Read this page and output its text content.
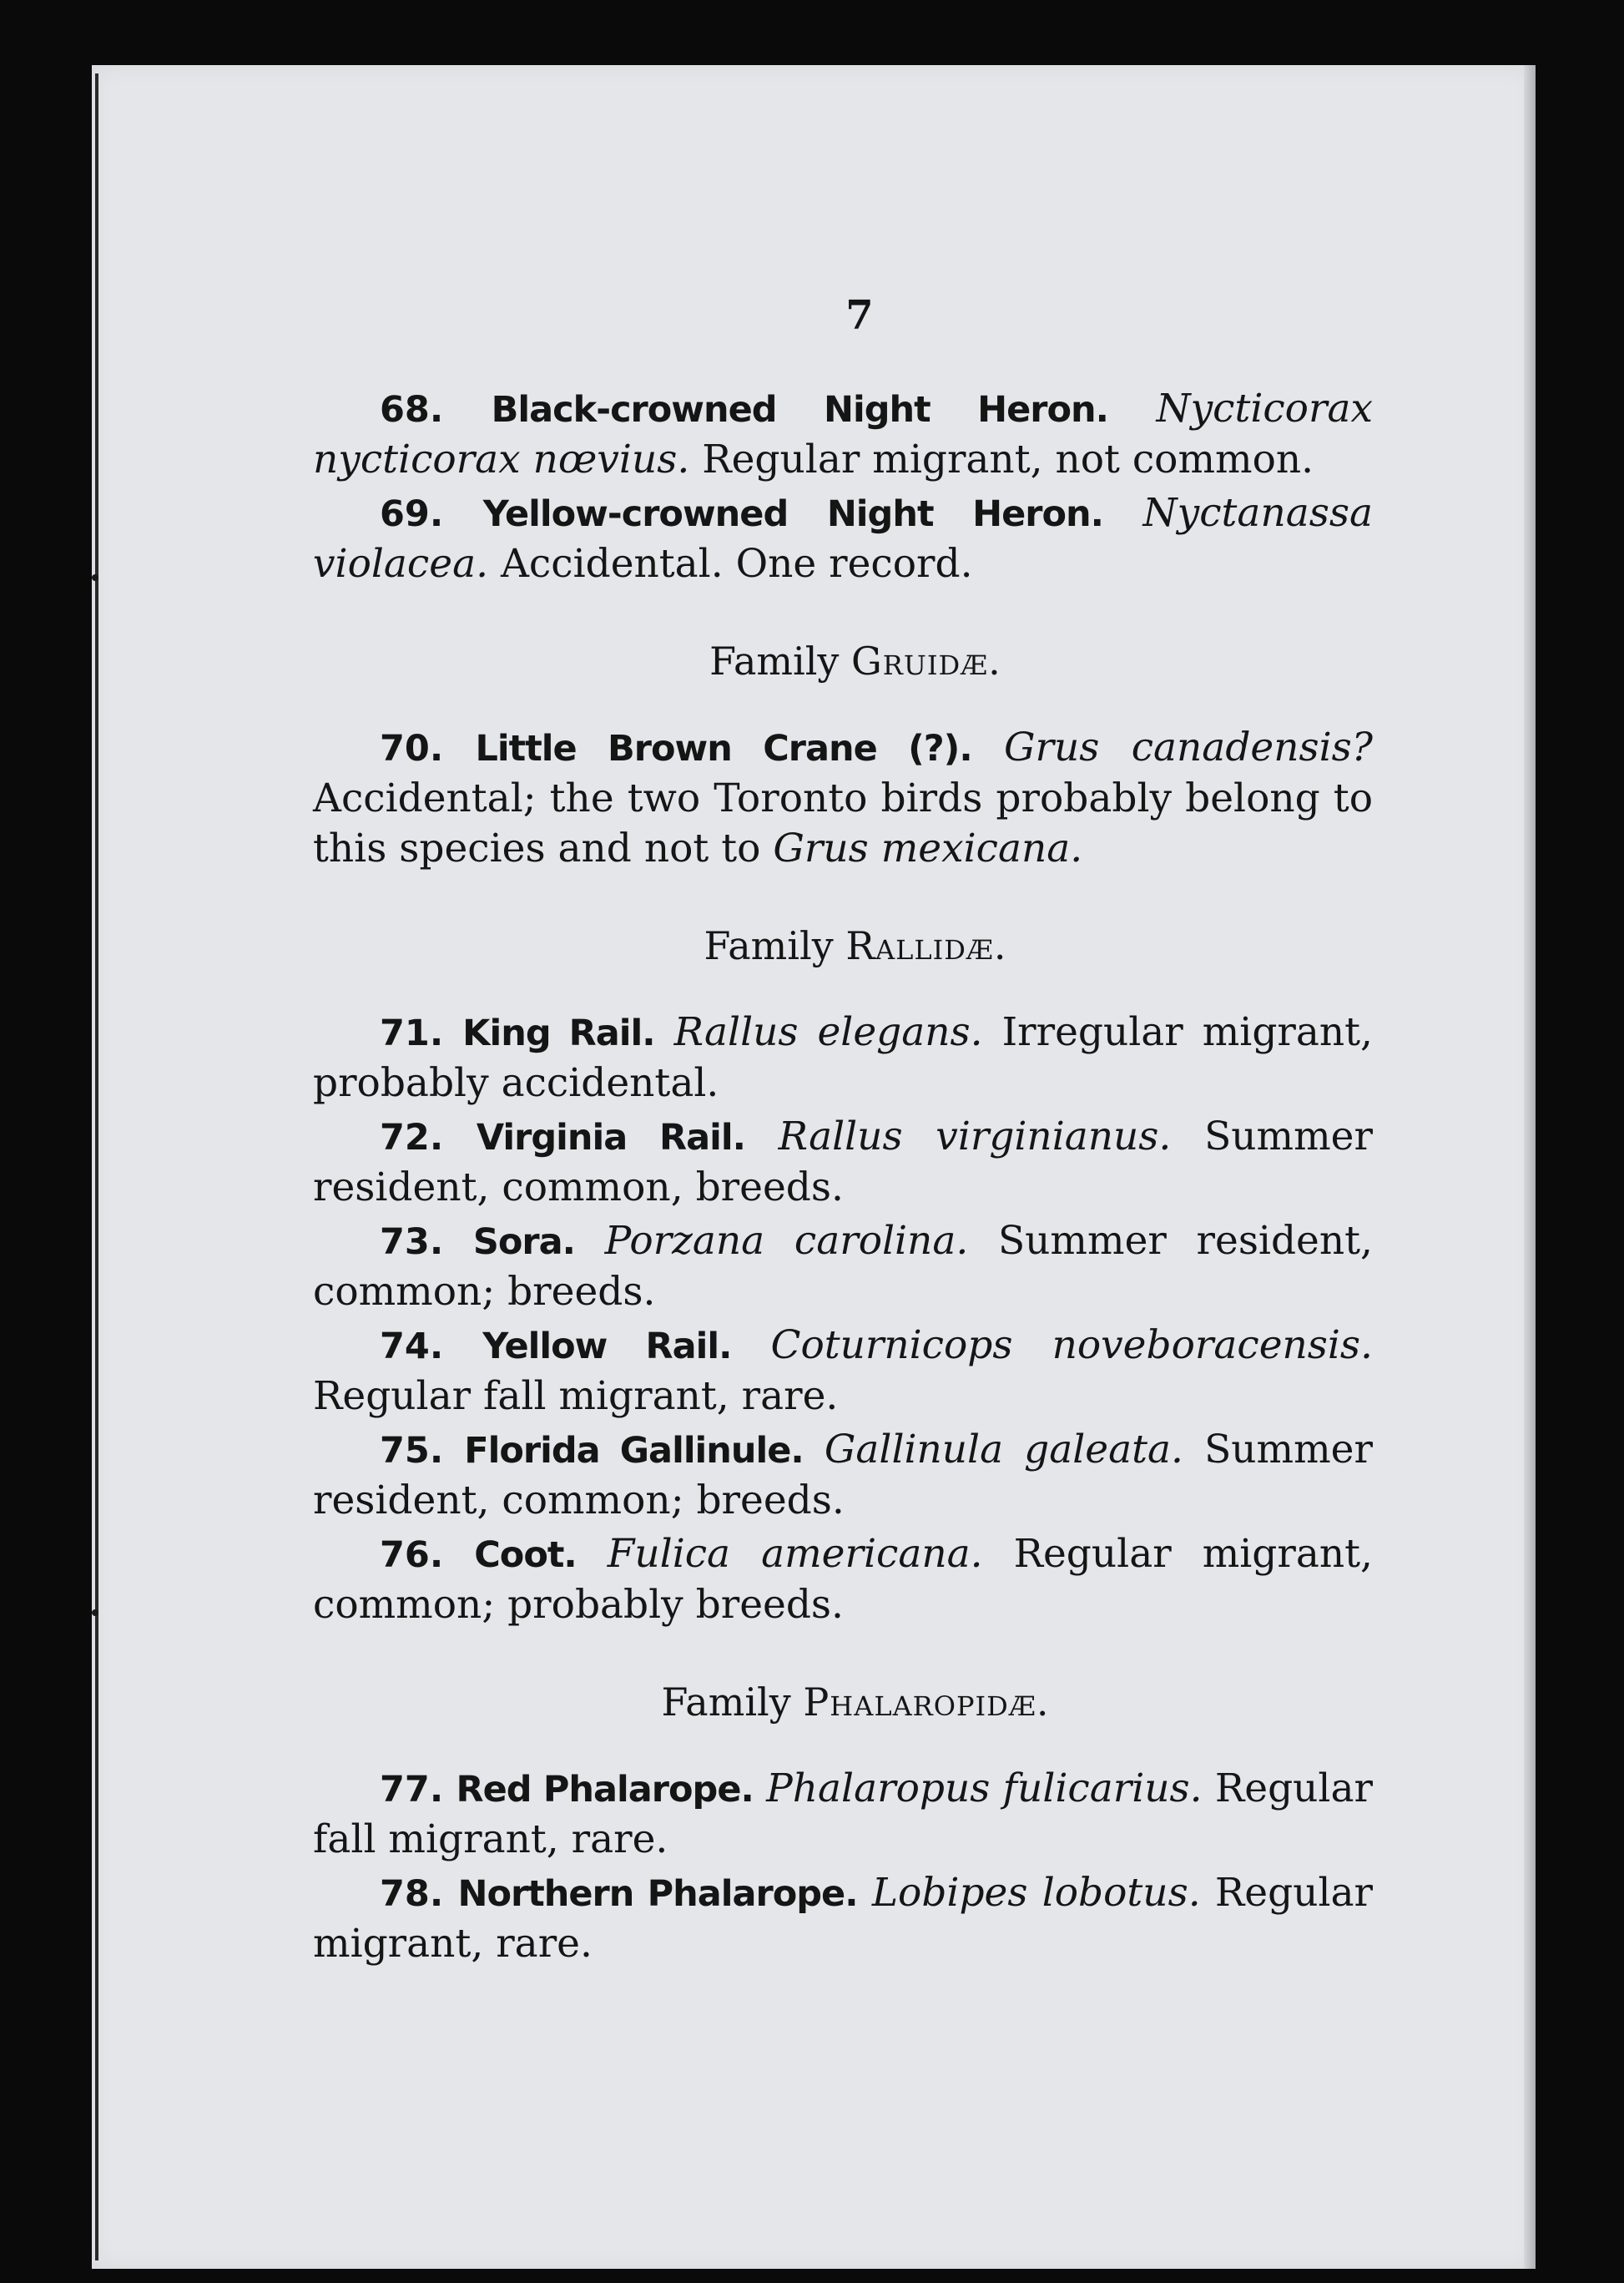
7
68. Black-crowned Night Heron. Nycticorax nycticorax nœvius. Regular migrant, not common.
69. Yellow-crowned Night Heron. Nyctanassa violacea. Accidental. One record.
Family Gruidæ.
70. Little Brown Crane (?). Grus canadensis? Accidental; the two Toronto birds probably belong to this species and not to Grus mexicana.
Family Rallidæ.
71. King Rail. Rallus elegans. Irregular migrant, probably accidental.
72. Virginia Rail. Rallus virginianus. Summer resident, common, breeds.
73. Sora. Porzana carolina. Summer resident, common; breeds.
74. Yellow Rail. Coturnicops noveboracensis. Regular fall migrant, rare.
75. Florida Gallinule. Gallinula galeata. Summer resident, common; breeds.
76. Coot. Fulica americana. Regular migrant, common; probably breeds.
Family Phalaropidæ.
77. Red Phalarope. Phalaropus fulicarius. Regular fall migrant, rare.
78. Northern Phalarope. Lobipes lobotus. Regular migrant, rare.
